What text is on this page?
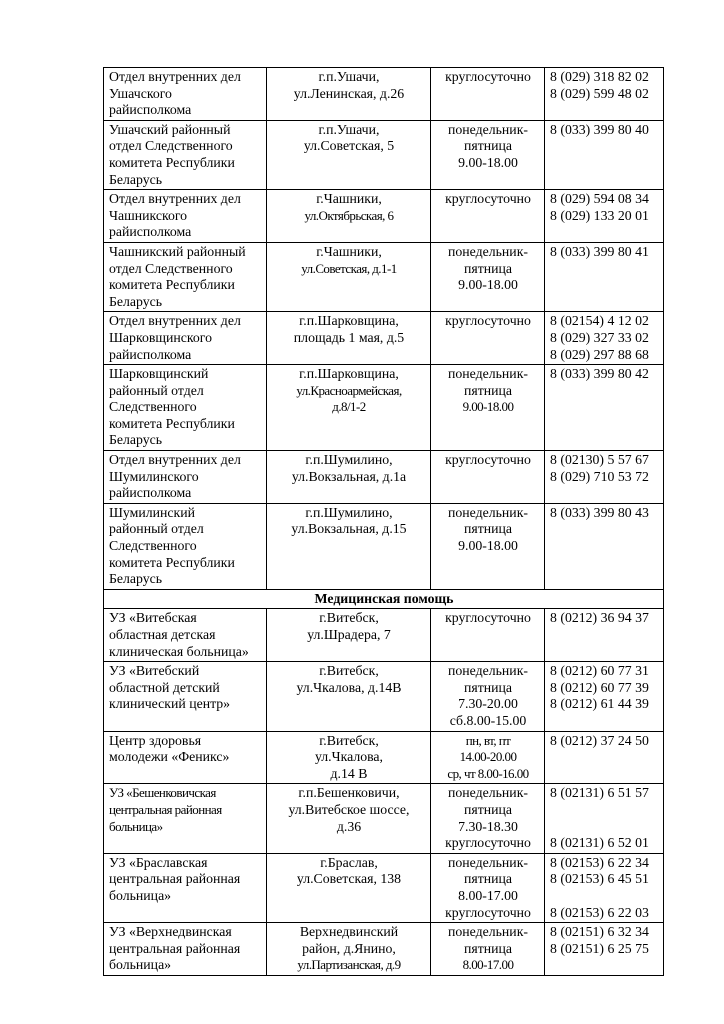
Отдел внутренних дел
Ушачского
райисполкома	г.п.Ушачи,
ул.Ленинская, д.26	круглосуточно	8 (029) 318 82 02
8 (029) 599 48 02

Ушачский районный
отдел Следственного
комитета Республики
Беларусь	г.п.Ушачи,
ул.Советская, 5	понедельник-
пятница
9.00-18.00	8 (033) 399 80 40

Отдел внутренних дел
Чашникского
райисполкома	г.Чашники,
ул.Октябрьская, 6	круглосуточно	8 (029) 594 08 34
8 (029) 133 20 01

Чашникский районный
отдел Следственного
комитета Республики
Беларусь	г.Чашники,
ул.Советская, д.1-1	понедельник-
пятница
9.00-18.00	8 (033) 399 80 41

Отдел внутренних дел
Шарковщинского
райисполкома	г.п.Шарковщина,
площадь 1 мая, д.5	круглосуточно	8 (02154) 4 12 02
8 (029) 327 33 02
8 (029) 297 88 68

Шарковщинский
районный отдел
Следственного
комитета Республики
Беларусь	г.п.Шарковщина,
ул.Красноармейская,
д.8/1-2	понедельник-
пятница
9.00-18.00	8 (033) 399 80 42

Отдел внутренних дел
Шумилинского
райисполкома	г.п.Шумилино,
ул.Вокзальная, д.1а	круглосуточно	8 (02130) 5 57 67
8 (029) 710 53 72

Шумилинский
районный отдел
Следственного
комитета Республики
Беларусь	г.п.Шумилино,
ул.Вокзальная, д.15	понедельник-
пятница
9.00-18.00	8 (033) 399 80 43

Медицинская помощь			

УЗ «Витебская
областная детская
клиническая больница»	г.Витебск,
ул.Шрадера, 7	круглосуточно	8 (0212) 36 94 37

УЗ «Витебский
областной детский
клинический центр»	г.Витебск,
ул.Чкалова, д.14В	понедельник-
пятница
7.30-20.00
сб.8.00-15.00	8 (0212) 60 77 31
8 (0212) 60 77 39
8 (0212) 61 44 39

Центр здоровья
молодежи «Феникс»	г.Витебск,
ул.Чкалова,
д.14 В	пн, вт, пт
14.00-20.00
ср, чт 8.00-16.00	8 (0212) 37 24 50

УЗ «Бешенковичская
центральная районная
больница»	г.п.Бешенковичи,
ул.Витебское шоссе,
д.36	понедельник-
пятница
7.30-18.30
круглосуточно	8 (02131) 6 51 57
8 (02131) 6 52 01

УЗ «Браславская
центральная районная
больница»	г.Браслав,
ул.Советская, 138	понедельник-
пятница
8.00-17.00
круглосуточно	8 (02153) 6 22 34
8 (02153) 6 45 51
8 (02153) 6 22 03

УЗ «Верхнедвинская
центральная районная
больница»	Верхнедвинский
район, д.Янино,
ул.Партизанская, д.9	понедельник-
пятница
8.00-17.00	8 (02151) 6 32 34
8 (02151) 6 25 75
